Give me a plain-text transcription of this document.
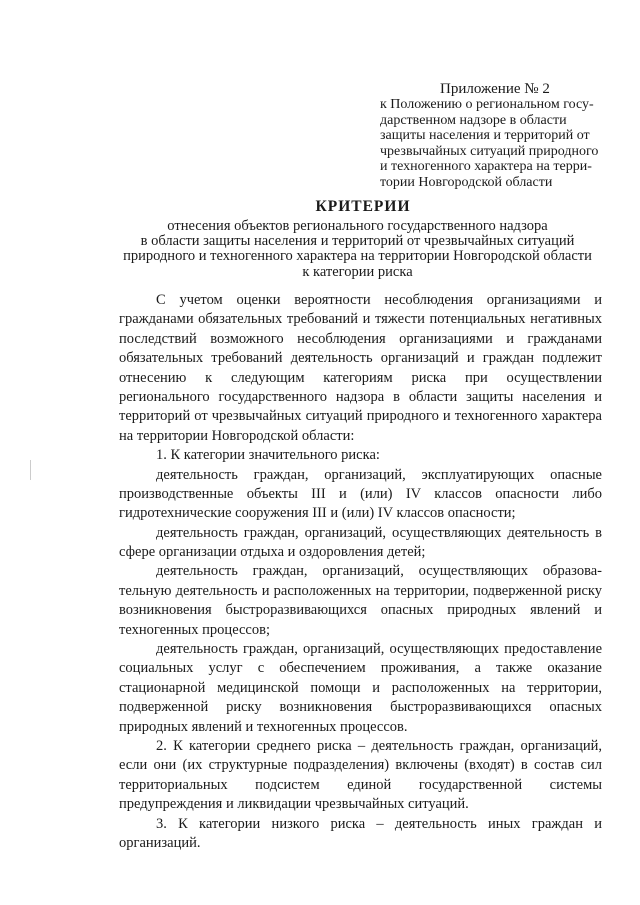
Приложение № 2
к Положению о региональном госу-
дарственном надзоре в области
защиты населения и территорий от
чрезвычайных ситуаций природного
и техногенного характера на терри-
тории Новгородской области
КРИТЕРИИ
отнесения объектов регионального государственного надзора
в области защиты населения и территорий от чрезвычайных ситуаций
природного и техногенного характера на территории Новгородской области
к категории риска
С учетом оценки вероятности несоблюдения организациями и
гражданами обязательных требований и тяжести потенциальных негативных
последствий возможного несоблюдения организациями и гражданами
обязательных требований деятельность организаций и граждан подлежит
отнесению к следующим категориям риска при осуществлении
регионального государственного надзора в области защиты населения и
территорий от чрезвычайных ситуаций природного и техногенного характера
на территории Новгородской области:
1. К категории значительного риска:
деятельность граждан, организаций, эксплуатирующих опасные
производственные объекты III и (или) IV классов опасности либо
гидротехнические сооружения III и (или) IV классов опасности;
деятельность граждан, организаций, осуществляющих деятельность в
сфере организации отдыха и оздоровления детей;
деятельность граждан, организаций, осуществляющих образова-
тельную деятельность и расположенных на территории, подверженной риску
возникновения быстроразвивающихся опасных природных явлений и
техногенных процессов;
деятельность граждан, организаций, осуществляющих предоставление
социальных услуг с обеспечением проживания, а также оказание
стационарной медицинской помощи и расположенных на территории,
подверженной риску возникновения быстроразвивающихся опасных
природных явлений и техногенных процессов.
2. К категории среднего риска – деятельность граждан, организаций,
если они (их структурные подразделения) включены (входят) в состав сил
территориальных подсистем единой государственной системы
предупреждения и ликвидации чрезвычайных ситуаций.
3. К категории низкого риска – деятельность иных граждан и
организаций.
